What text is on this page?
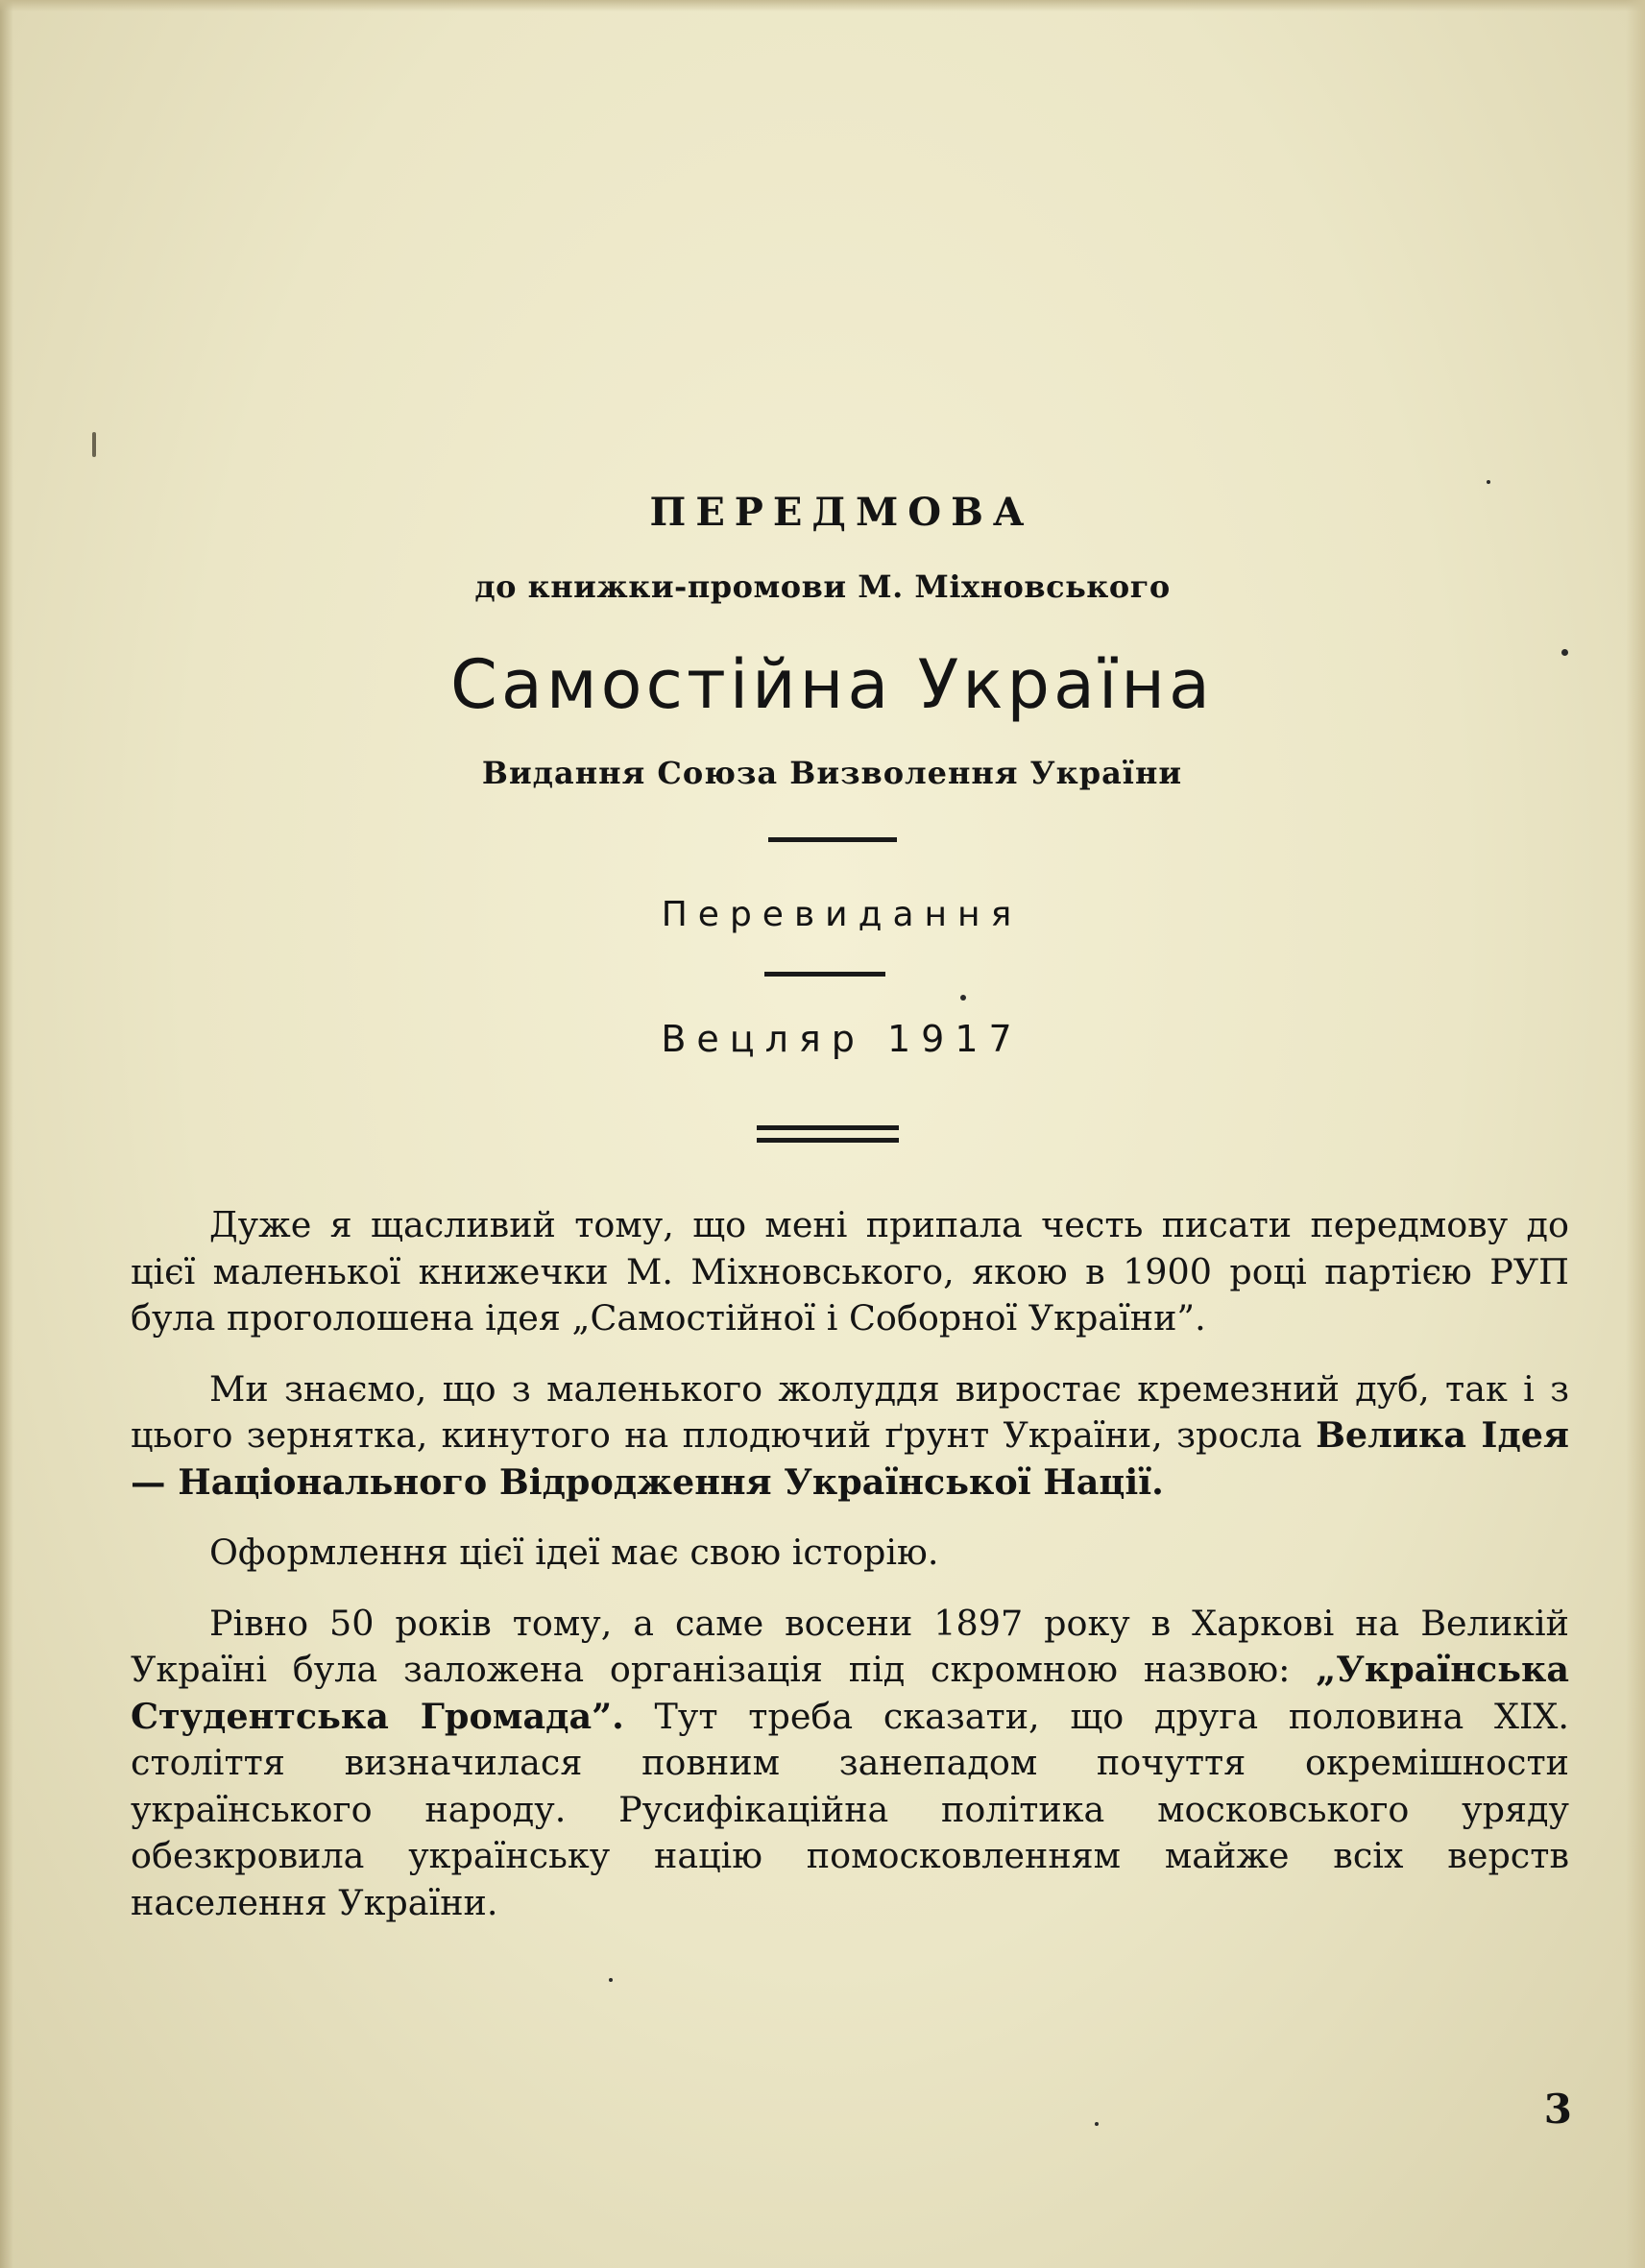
ПЕРЕДМОВА
до книжки-промови М. Міхновського
Самостійна Україна
Видання Союза Визволення України
Перевидання
Вецляр 1917

Дуже я щасливий тому, що мені припала честь писати передмову до цієї маленької книжечки М. Міхновського, якою в 1900 році партією РУП була проголошена ідея „Самостійної і Соборної України”.

Ми знаємо, що з маленького жолуддя виростає кремезний дуб, так і з цього зернятка, кинутого на плодючий ґрунт України, зросла Велика Ідея — Національного Відродження Української Нації.

Оформлення цієї ідеї має свою історію.

Рівно 50 років тому, а саме восени 1897 року в Харкові на Великій Україні була заложена організація під скромною назвою: „Українська Студентська Громада”. Тут треба сказати, що друга половина XIX. століття визначилася повним занепадом почуття окремішности українського народу. Русифікаційна політика московського уряду обезкровила українську націю помосковленням майже всіх верств населення України.

3
